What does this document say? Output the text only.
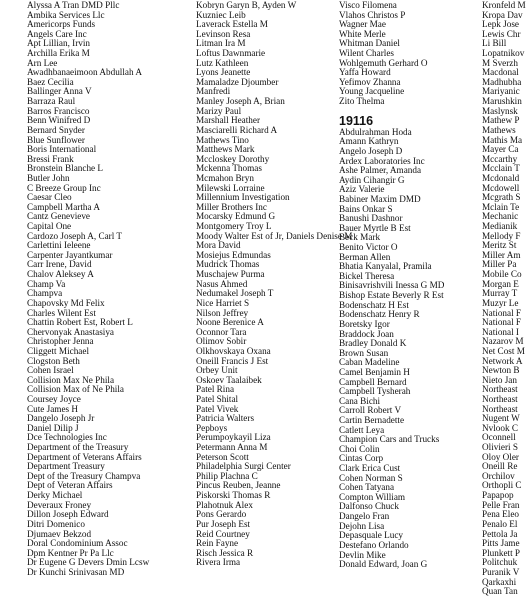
Alyssa A Tran DMD Pllc
Ambika Services Llc
Americorps Funds
Angels Care Inc
Apt Lillian, Irvin
Archilla Erika M
Arn Lee
Awadhbanaeimoon Abdullah A
Baez Cecilia
Ballinger Anna V
Barraza Raul
Barros Francisco
Benn Winifred D
Bernard Snyder
Blue Sunflower
Boris International
Bressi Frank
Bronstein Blanche L
Butler John
C Breeze Group Inc
Caesar Cleo
Campbell Martha A
Cantz Genevieve
Capital One
Cardozo Joseph A, Carl T
Carlettini Ieleene
Carpenter Jayantkumar
Carr Irene, David
Chalov Aleksey A
Champ Va
Champva
Chapovsky Md Felix
Charles Wilent Est
Chattin Robert Est, Robert L
Chervonyak Anastasiya
Christopher Jenna
Cliggett Michael
Clogston Beth
Cohen Israel
Collision Max Ne Phila
Collision Max of Ne Phila
Coursey Joyce
Cute James H
Dangelo Joseph Jr
Daniel Dilip J
Dce Technologies Inc
Department of the Treasury
Department of Veterans Affairs
Department Treasury
Dept of the Treasury Champva
Dept of Veteran Affairs
Derky Michael
Deveraux Froney
Dillon Joseph Edward
Ditri Domenico
Djumaev Bekzod
Doral Condominium Assoc
Dpm Kentner Pr Pa Llc
Dr Eugene G Devers Dmin Lcsw
Dr Kunchi Srinivasan MD
Kobryn Garyn B, Ayden W
Kuzniec Leib
Laverack Estella M
Levinson Resa
Litman Ira M
Loftus Dawnmarie
Lutz Kathleen
Lyons Jeanette
Mamaladze Djoumber
Manfredi
Manley Joseph A, Brian
Marizy Paul
Marshall Heather
Masciarelli Richard A
Mathews Tino
Matthews Mark
Mccloskey Dorothy
Mckenna Thomas
Mcmahon Bryn
Milewski Lorraine
Millennium Investigation
Miller Brothers Inc
Mocarsky Edmund G
Montgomery Troy L
Moody Walter Est of Jr, Daniels Denise M
Mora David
Mosiejus Edmundas
Mudrick Thomas
Muschajew Purma
Nasus Ahmed
Nedumakel Joseph T
Nice Harriet S
Nilson Jeffrey
Noone Berenice A
Oconnor Tara
Olimov Sobir
Olkhovskaya Oxana
Oneill Francis J Est
Orbey Unit
Oskoev Taalaibek
Patel Rina
Patel Shital
Patel Vivek
Patricia Walters
Pepboys
Perumpoykayil Liza
Petermann Anna M
Peterson Scott
Philadelphia Surgi Center
Philip Plachna C
Pincus Reuben, Jeanne
Piskorski Thomas R
Plahotnuk Alex
Pons Gerardo
Pur Joseph Est
Reid Courtney
Rein Fayne
Risch Jessica R
Rivera Irma
Visco Filomena
Vlahos Christos P
Wagner Mae
White Merle
Whitman Daniel
Wilent Charles
Wohlgemuth Gerhard O
Yaffa Howard
Yefimov Zhanna
Young Jacqueline
Zito Thelma
19116
Abdulrahman Hoda
Amann Kathryn
Angelo Joseph D
Ardex Laboratories Inc
Ashe Palmer, Amanda
Aydin Cihangir G
Aziz Valerie
Babiner Maxim DMD
Bains Onkar S
Banushi Dashnor
Bauer Myrtle B Est
Beck Mark
Benito Victor O
Berman Allen
Bhatia Kanyalal, Pramila
Bickel Theresa
Binisavrishvili Inessa G MD
Bishop Estate Beverly R Est
Bodenschatz H Est
Bodenschatz Henry R
Boretsky Igor
Braddock Joan
Bradley Donald K
Brown Susan
Caban Madeline
Camel Benjamin H
Campbell Bernard
Campbell Tysherah
Cana Bichi
Carroll Robert V
Cartin Bernadette
Catlett Leya
Champion Cars and Trucks
Choi Colin
Cintas Corp
Clark Erica Cust
Cohen Norman S
Cohen Tatyana
Compton William
Dalfonso Chuck
Dangelo Fran
Dejohn Lisa
Depasquale Lucy
Destefano Orlando
Devlin Mike
Donald Edward, Joan G
Kronfeld M
Kropa Dav
Lepk Jose
Lewis Chr
Li Bill
Lopatnikov
M Sverzh
Macdonal
Madhubha
Mariyanic
Marushkin
Maslynsk
Mathew P
Mathews
Mathis Ma
Mayer Ca
Mccarthy
Mcclain T
Mcdonald
Mcdowell
Mcgrath S
Mclain Te
Mechanic
Medianik
Mellody F
Meritz St
Miller Am
Miller Pa
Mobile Co
Morgan E
Murray T
Muzyr Le
National F
National F
National I
Nazarov M
Net Cost M
Network A
Newton B
Nieto Jan
Northeast
Northeast
Northeast
Nugent W
Nvlook C
Oconnell
Olivieri S
Oloy Oler
Oneill Re
Orchilov
Orthopli C
Papapop
Pelle Fran
Pena Eleo
Penalo El
Pettola Ja
Pitts Jame
Plunkett P
Politchuk
Puranik V
Qarkaxhi
Quan Tan
